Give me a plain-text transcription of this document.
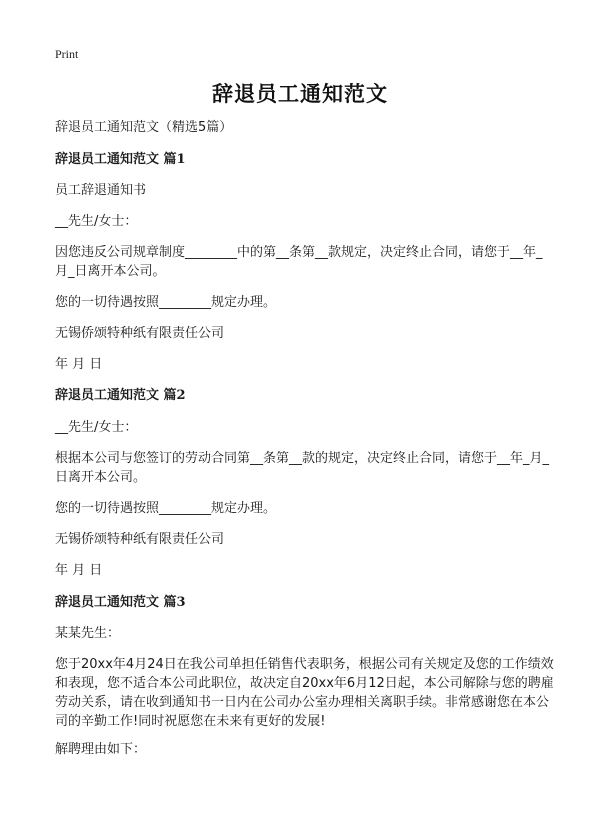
Print
辞退员工通知范文
辞退员工通知范文（精选5篇）
辞退员工通知范文 篇1
员工辞退通知书
__先生/女士：
因您违反公司规章制度________中的第__条第__款规定，决定终止合同，请您于__年_月_日离开本公司。
您的一切待遇按照________规定办理。
无锡侨颂特种纸有限责任公司
年 月 日
辞退员工通知范文 篇2
__先生/女士：
根据本公司与您签订的劳动合同第__条第__款的规定，决定终止合同，请您于__年_月_日离开本公司。
您的一切待遇按照________规定办理。
无锡侨颂特种纸有限责任公司
年 月 日
辞退员工通知范文 篇3
某某先生：
您于20xx年4月24日在我公司单担任销售代表职务，根据公司有关规定及您的工作绩效和表现，您不适合本公司此职位，故决定自20xx年6月12日起，本公司解除与您的聘雇劳动关系，请在收到通知书一日内在公司办公室办理相关离职手续。非常感谢您在本公司的辛勤工作!同时祝愿您在未来有更好的发展!
解聘理由如下：
